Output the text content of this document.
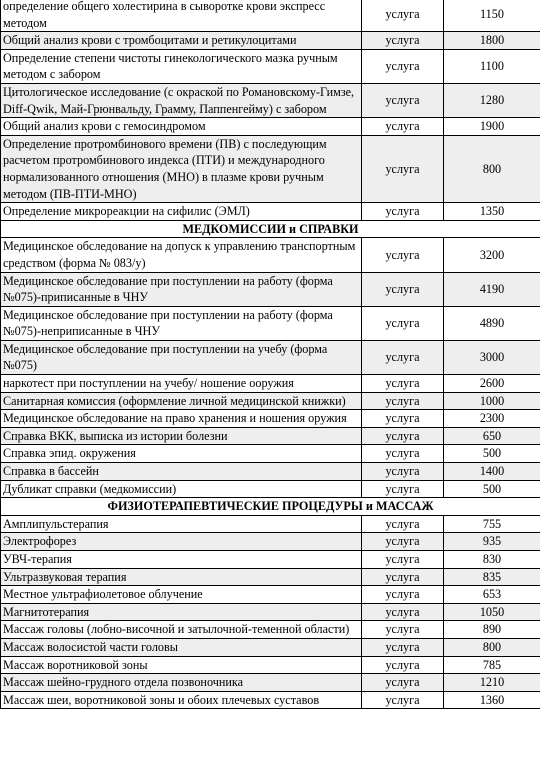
определение общего холестирина в сыворотке крови экспресс методом	услуга	1150
Общий анализ крови с тромбоцитами и ретикулоцитами	услуга	1800
Определение степени чистоты гинекологического мазка ручным методом с забором	услуга	1100
Цитологическое исследование (с окраской по Романовскому-Гимзе, Diff-Qwik, Май-Грюнвальду, Грамму, Паппенгейму) с забором	услуга	1280
Общий анализ крови с гемосиндромом	услуга	1900
Определение протромбинового времени (ПВ) с последующим расчетом протромбинового индекса (ПТИ) и международного нормализованного отношения (МНО) в плазме крови ручным методом (ПВ-ПТИ-МНО)	услуга	800
Определение микрореакции на сифилис (ЭМЛ)	услуга	1350
МЕДКОМИССИИ и СПРАВКИ		
Медицинское обследование на допуск к управлению транспортным средством (форма № 083/у)	услуга	3200
Медицинское обследование при поступлении на работу (форма №075)-приписанные в ЧНУ	услуга	4190
Медицинское обследование при поступлении на работу (форма №075)-неприписанные в ЧНУ	услуга	4890
Медицинское обследование при поступлении на учебу (форма №075)	услуга	3000
наркотест при поступлении на учебу/ ношение оoружия	услуга	2600
Санитарная комиссия (оформление личной медицинской книжки)	услуга	1000
Медицинское обследование на право хранения и ношения оружия	услуга	2300
Справка ВКК, выписка из истории болезни	услуга	650
Справка эпид. окружения	услуга	500
Справка в бассейн	услуга	1400
Дубликат справки (медкомиссии)	услуга	500
ФИЗИОТЕРАПЕВТИЧЕСКИЕ ПРОЦЕДУРЫ и МАССАЖ		
Амплипульстерапия	услуга	755
Электрофорез	услуга	935
УВЧ-терапия	услуга	830
Ультразвуковая терапия	услуга	835
Местное ультрафиолетовое облучение	услуга	653
Магнитотерапия	услуга	1050
Массаж головы (лобно-височной и затылочной-теменной области)	услуга	890
Массаж волосистой части головы	услуга	800
Массаж воротниковой зоны	услуга	785
Массаж шейно-грудного отдела позвоночника	услуга	1210
Массаж шеи, воротниковой зоны и обоих плечевых суставов	услуга	1360
